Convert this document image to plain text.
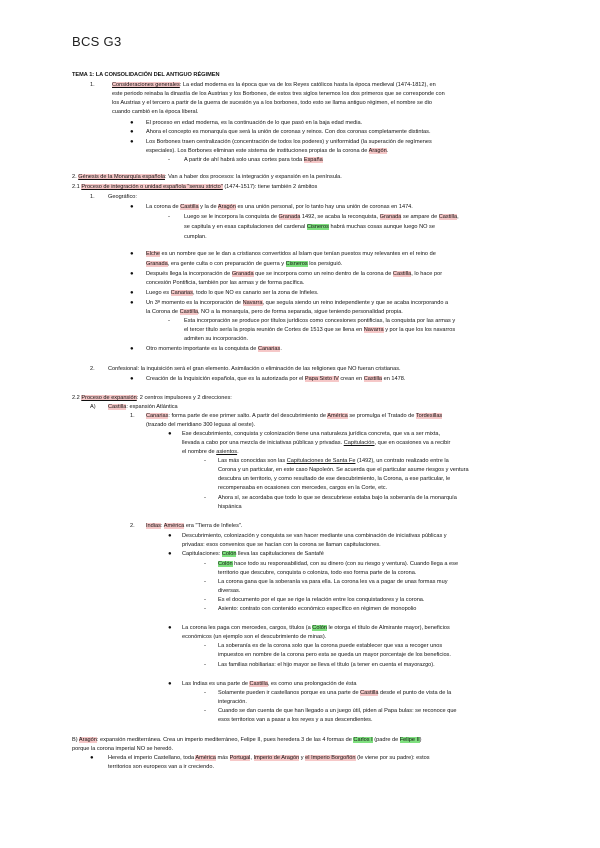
BCS G3
TEMA 1: LA CONSOLIDACIÓN DEL ANTIGUO RÉGIMEN
1.	Consideraciones generales: La edad moderna es la época que va de los Reyes católicos hasta la época medieval (1474-1812), en
este periodo reinaba la dinastía de los Austrias y los Borbones, de estos tres siglos tenemos los dos primeros que se corresponde con
los Austrias y el tercero a partir de la guerra de sucesión ya a los borbones, todo esto se llama antiguo régimen, el nombre se dio
cuando cambió en la época liberal.
● El proceso en edad moderna, es la continuación de lo que pasó en la baja edad media.
● Ahora el concepto es monarquía que será la unión de coronas y reinos. Con dos coronas completamente distintas.
● Los Borbones traen centralización (concentración de todos los poderes) y uniformidad (la superación de regímenes
especiales). Los Borbones eliminan este sistema de instituciones propias de la corona de Aragón.
-	A partir de ahí habrá solo unas cortes para toda España
2. Génesis de la Monarquía española: Van a haber dos procesos: la integración y expansión en la península.
2.1 Proceso de integración o unidad española "sensu stricto" (1474-1517): tiene también 2 ámbitos
1. Geográfico:
● La corona de Castilla y la de Aragón es una unión personal, por lo tanto hay una unión de coronas en 1474.
-	Luego se le incorpora la conquista de Granada 1492, se acaba la reconquista, Granada se ampare de Castilla,
se capitula y en esas capitulaciones del cardenal Cisneros habrá muchas cosas aunque luego NO se
cumplan.
● Elche es un nombre que se le dan a cristianos convertidos al Islam que tenían puestos muy relevantes en el reino de
Granada, era gente culta o con preparación de guerra y Cisneros los persiguió.
● Después llega la incorporación de Granada que se incorpora como un reino dentro de la corona de Castilla, lo hace por
concesión Pontificia, también por las armas y de forma pacífica.
● Luego es Canarias, todo lo que NO es canario ser la zona de Infieles.
● Un 3ª momento es la incorporación de Navarra, que seguía siendo un reino independiente y que se acaba incorporando a
la Corona de Castilla, NO a la monarquía, pero de forma separada, sigue teniendo personalidad propia.
-	Esta incorporación se produce por títulos jurídicos como concesiones pontificias, la conquista por las armas y
el tercer título sería la propia reunión de Cortes de 1513 que se llena en Navarra y por la que los los navarros
admiten su incorporación.
● Otro momento importante es la conquista de Canarias.
2. Confesional: la inquisición será el gran elemento. Asimilación o eliminación de las religiones que NO fueran cristianas.
● Creación de la Inquisición española, que es la autorizada por el Papa Sixto IV crean en Castilla en 1478.
2.2 Proceso de expansión: 2 centros impulsores y 2 direcciones:
A) Castilla: expansión Atlántica
1. Canarias: forma parte de ese primer salto. A partir del descubrimiento de América se promulga el Tratado de Tordesillas
(trazado del meridiano 300 leguas al oeste).
● Ese descubrimiento, conquista y colonización tiene una naturaleza jurídica concreta, que va a ser mixta,
llevada a cabo por una mezcla de iniciativas públicas y privadas. Capitulación, que en ocasiones va a recibir
el nombre de asientos.
- Las más conocidas son las Capitulaciones de Santa Fe (1492), un contrato realizado entre la
Corona y un particular, en este caso Napoleón. Se acuerda que el particular asume riesgos y ventura
descubra un territorio, y como resultado de ese descubrimiento, la Corona, a ese particular, le
recompensaba en ocasiones con mercedes, cargos en la Corte, etc.
- Ahora sí, se acordaba que todo lo que se descubriese estaba bajo la soberanía de la monarquía
hispánica
2. Indias: América era "Tierra de Infieles".
● Descubrimiento, colonización y conquista se van hacer mediante una combinación de iniciativas públicas y
privadas: esos convenios que se hacían con la corona se llaman capitulaciones.
● Capitulaciones: Colón lleva las capitulaciones de Santafé
- Colón hace todo su responsabilidad, con su dinero (con su riesgo y ventura). Cuando llega a ese
territorio que descubre, conquista o coloniza, todo eso forma parte de la corona.
- La corona gana que la soberanía va para ella. La corona les va a pagar de unas formas muy
diversas.
- Es el documento por el que se rige la relación entre los conquistadores y la corona.
- Asiento: contrato con contenido económico específico en régimen de monopolio
● La corona les paga con mercedes, cargos, títulos (a Colón le otorga el título de Almirante mayor), beneficios
económicos (un ejemplo son el descubrimiento de minas).
- La soberanía es de la corona solo que la corona puede establecer que vas a recoger unos
impuestos en nombre de la corona pero esta se queda un mayor porcentaje de los beneficios.
- Las familias nobiliarias: el hijo mayor se lleva el título (a tener en cuenta el mayorazgo).
● Las Indias es una parte de Castilla, es como una prolongación de ésta
- Solamente pueden ir castellanos porque es una parte de Castilla desde el punto de vista de la
integración.
- Cuando se dan cuenta de que han llegado a un juego útil, piden al Papa bulas: se reconoce que
esos territorios van a pasar a los reyes y a sus descendientes.
B) Aragón: expansión mediterránea. Crea un imperio mediterráneo, Felipe II, pues heredera 3 de las 4 formas de Carlos I (padre de Felipe II)
porque la corona imperial NO se heredó.
●	Hereda el imperio Castellano, toda América más Portugal, Imperio de Aragón y el Imperio Borgoñón (le viene por su padre): estos
territorios son europeos van a ir creciendo.
